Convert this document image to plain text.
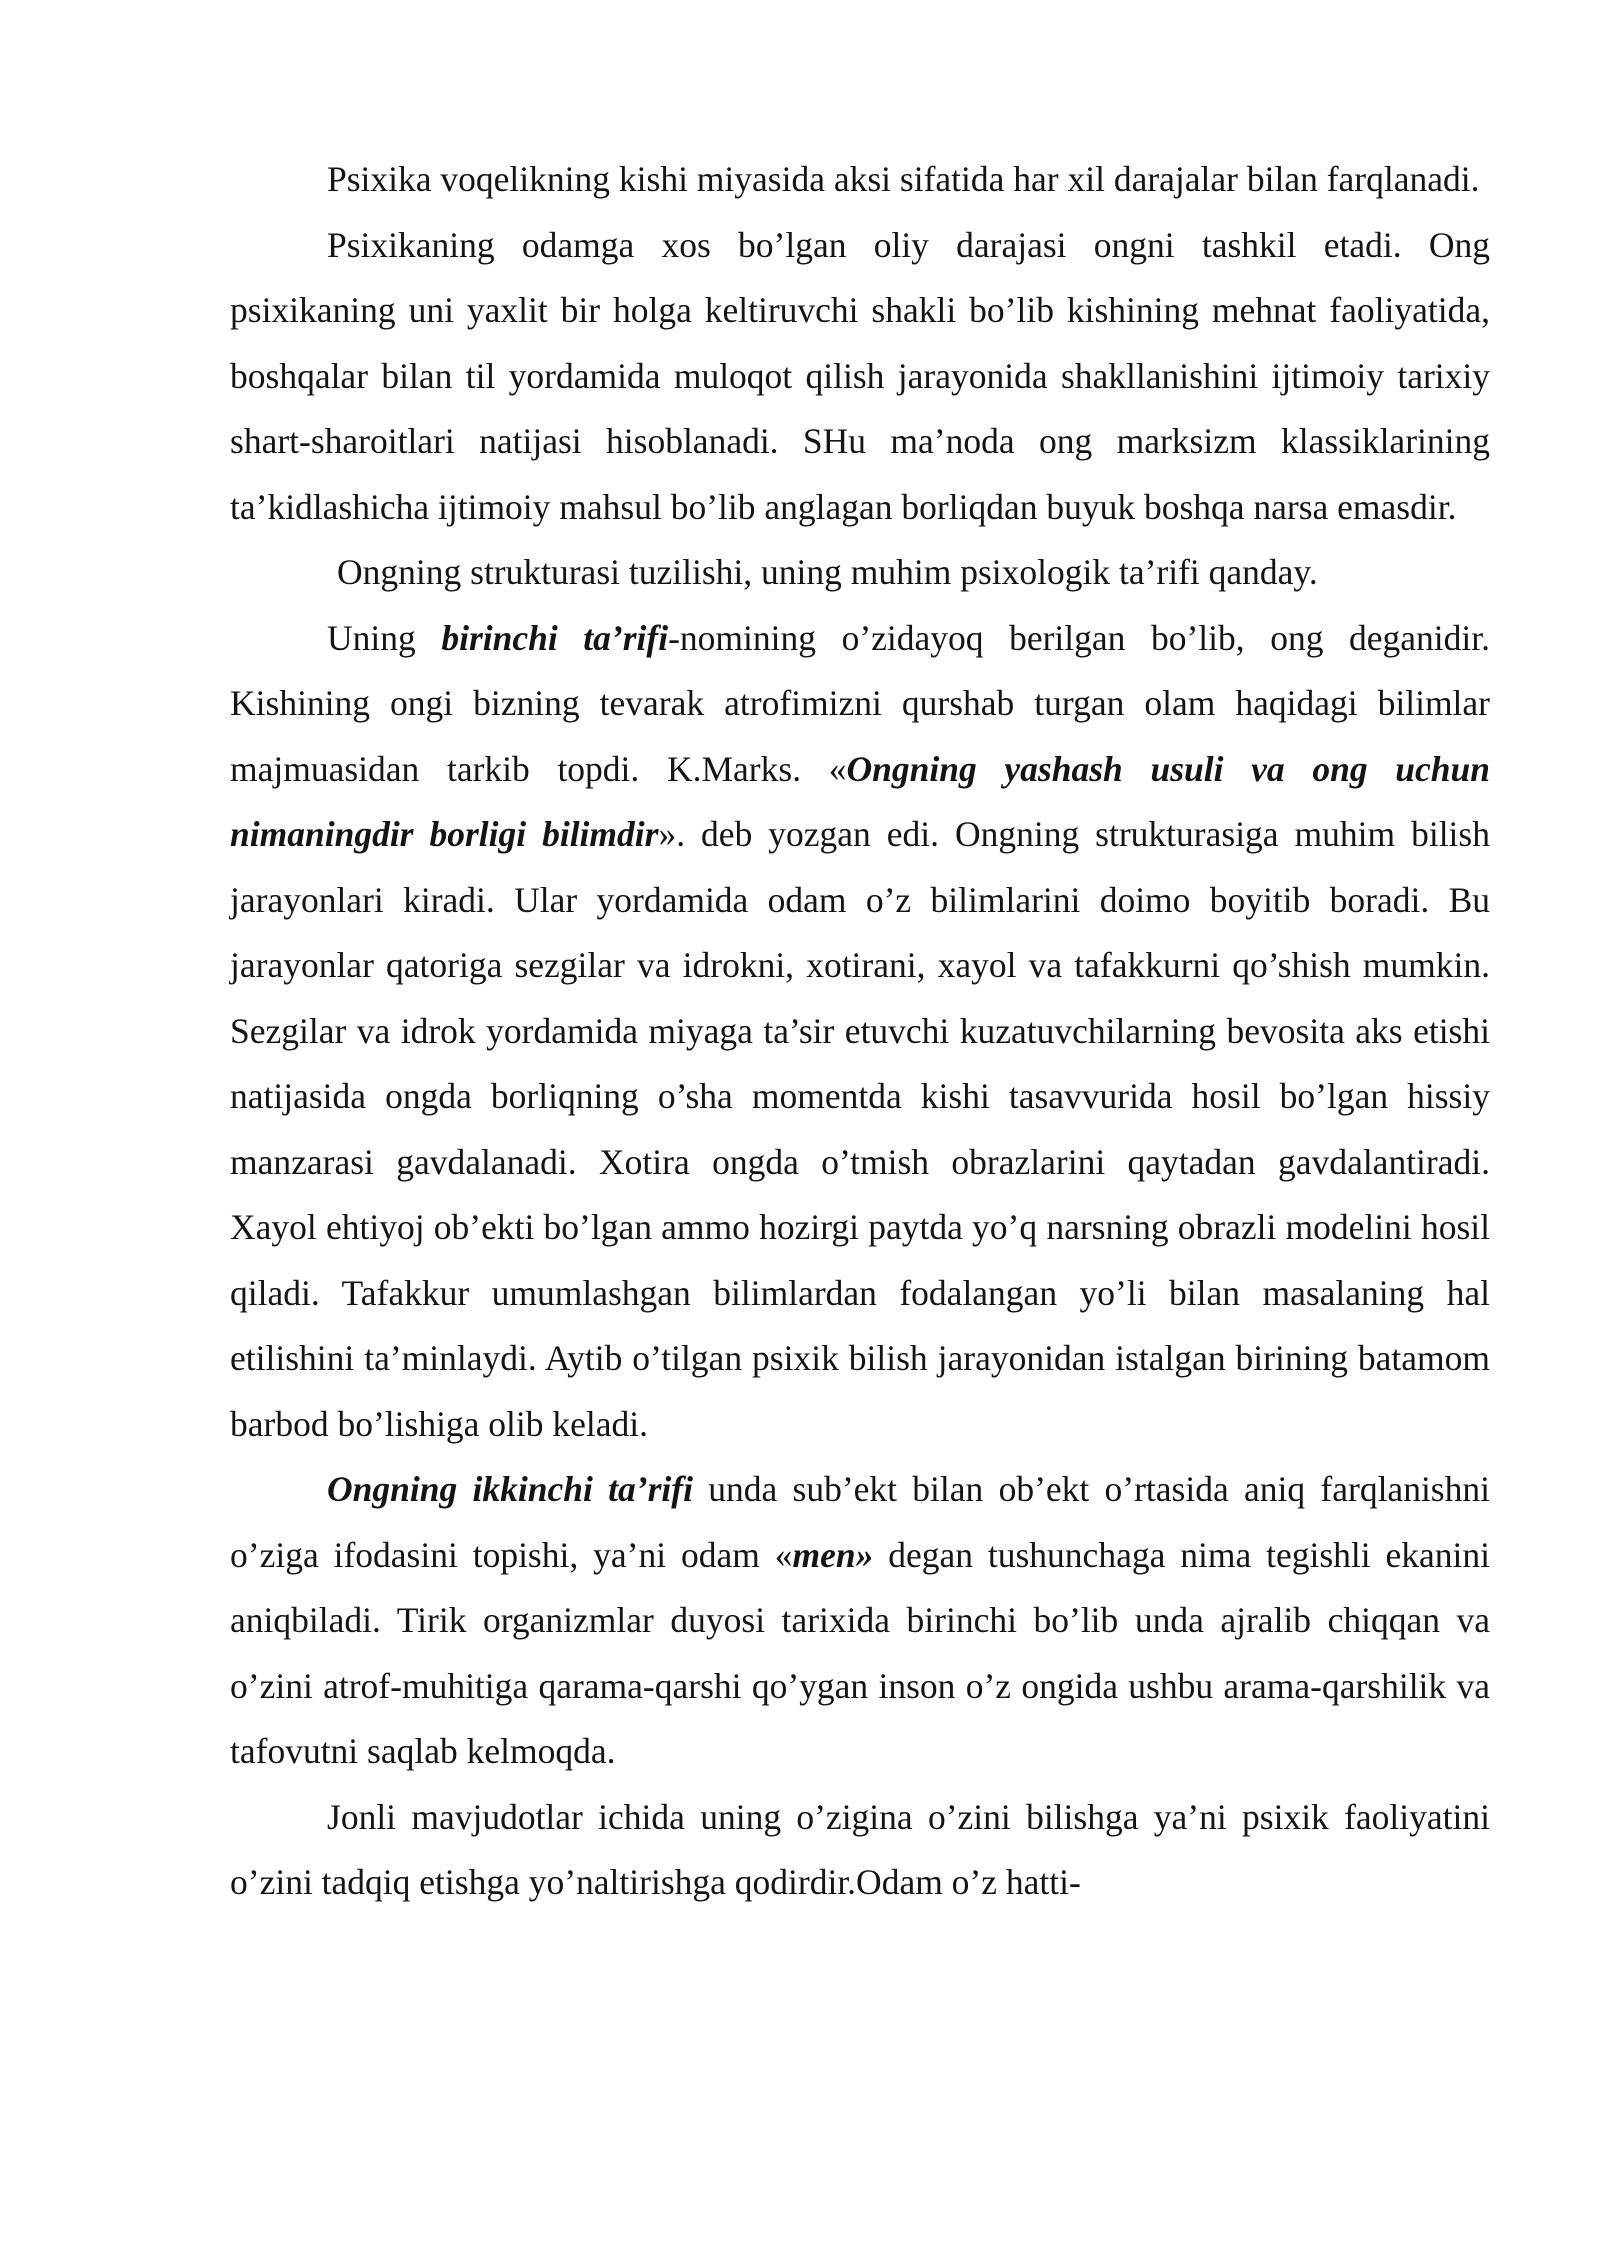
Psixika voqelikning kishi miyasida aksi sifatida har xil darajalar bilan farqlanadi.

Psixikaning odamga xos bo’lgan oliy darajasi ongni tashkil etadi. Ong psixikaning uni yaxlit bir holga keltiruvchi shakli bo’lib kishining mehnat faoliyatida, boshqalar bilan til yordamida muloqot qilish jarayonida shakllanishini ijtimoiy tarixiy shart-sharoitlari natijasi hisoblanadi. SHu ma’noda ong marksizm klassiklarining ta’kidlashicha ijtimoiy mahsul bo’lib anglagan borliqdan buyuk boshqa narsa emasdir.

Ongning strukturasi tuzilishi, uning muhim psixologik ta’rifi qanday.

Uning birinchi ta’rifi-nomining o’zidayoq berilgan bo’lib, ong deganidir. Kishining ongi bizning tevarak atrofimizni qurshab turgan olam haqidagi bilimlar majmuasidan tarkib topdi. K.Marks. «Ongning yashash usuli va ong uchun nimaningdir borligi bilimdir». deb yozgan edi. Ongning strukturasiga muhim bilish jarayonlari kiradi. Ular yordamida odam o’z bilimlarini doimo boyitib boradi. Bu jarayonlar qatoriga sezgilar va idrokni, xotirani, xayol va tafakkurni qo’shish mumkin. Sezgilar va idrok yordamida miyaga ta’sir etuvchi kuzatuvchilarning bevosita aks etishi natijasida ongda borliqning o’sha momentda kishi tasavvurida hosil bo’lgan hissiy manzarasi gavdalanadi. Xotira ongda o’tmish obrazlarini qaytadan gavdalantiradi. Xayol ehtiyoj ob’ekti bo’lgan ammo hozirgi paytda yo’q narsning obrazli modelini hosil qiladi. Tafakkur umumlashgan bilimlardan fodalangan yo’li bilan masalaning hal etilishini ta’minlaydi. Aytib o’tilgan psixik bilish jarayonidan istalgan birining batamom barbod bo’lishiga olib keladi.

Ongning ikkinchi ta’rifi unda sub’ekt bilan ob’ekt o’rtasida aniq farqlanishni o’ziga ifodasini topishi, ya’ni odam «men» degan tushunchaga nima tegishli ekanini aniqbiladi. Tirik organizmlar duyosi tarixida birinchi bo’lib unda ajralib chiqqan va o’zini atrof-muhitiga qarama-qarshi qo’ygan inson o’z ongida ushbu arama-qarshilik va tafovutni saqlab kelmoqda.

Jonli mavjudotlar ichida uning o’zigina o’zini bilishga ya’ni psixik faoliyatini o’zini tadqiq etishga yo’naltirishga qodirdir.Odam o’z hatti-
